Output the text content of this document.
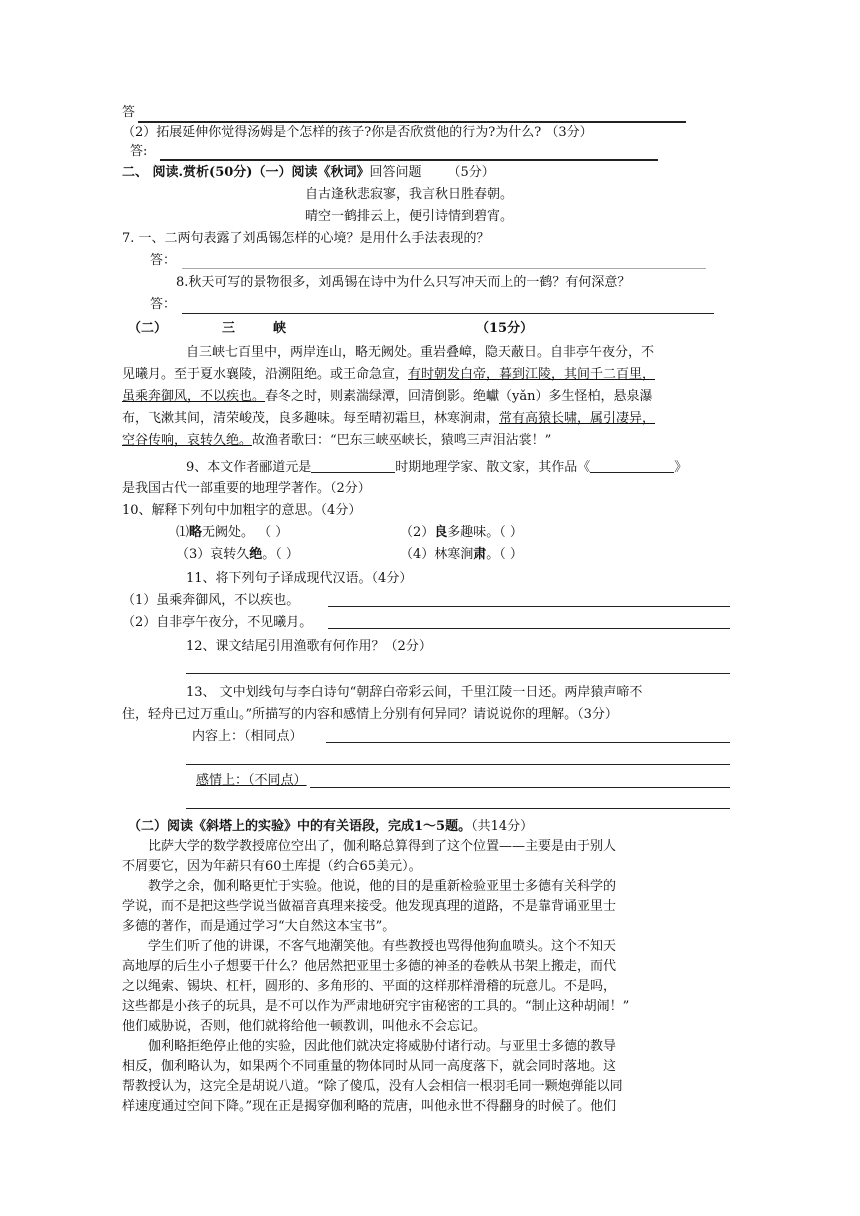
答
（2）拓展延伸你觉得汤姆是个怎样的孩子?你是否欣赏他的行为?为什么? （3分）
答:
二、 阅读.赏析(50分)（一）阅读《秋词》回答问题 （5分）
自古逢秋悲寂寥，我言秋日胜春朝。
晴空一鹤排云上，便引诗情到碧宵。
7. 一、二两句表露了刘禹锡怎样的心境？是用什么手法表现的？
答：
8.秋天可写的景物很多，刘禹锡在诗中为什么只写冲天而上的一鹤？有何深意？
答：
（二）	三	峡	（15分）
自三峡七百里中，两岸连山，略无阙处。重岩叠嶂，隐天蔽日。自非亭午夜分，不
见曦月。至于夏水襄陵，沿溯阻绝。或王命急宣，有时朝发白帝，暮到江陵，其间千二百里，
虽乘奔御风，不以疾也。春冬之时，则素湍绿潭，回清倒影。绝巘（yǎn）多生怪柏，悬泉瀑
布，飞漱其间，清荣峻茂，良多趣味。每至晴初霜旦，林寒涧肃，常有高猿长啸，属引凄异，
空谷传响，哀转久绝。故渔者歌曰：“巴东三峡巫峡长，猿鸣三声泪沾裳！”
9、本文作者郦道元是	时期地理学家、散文家，其作品《	》
是我国古代一部重要的地理学著作。（2分）
10、解释下列句中加粗字的意思。（4分）
⑴略无阙处。 （ ）	（2）良多趣味。（ ）
（3）哀转久绝。（ ）	（4）林寒涧肃。（ ）
11、将下列句子译成现代汉语。（4分）
（1）虽乘奔御风，不以疾也。
（2）自非亭午夜分，不见曦月。
12、课文结尾引用渔歌有何作用？（2分）
13、 文中划线句与李白诗句“朝辞白帝彩云间，千里江陵一日还。两岸猿声啼不
住，轻舟已过万重山。”所描写的内容和感情上分别有何异同？请说说你的理解。（3分）
内容上：（相同点）
感情上：（不同点）
（二）阅读《斜塔上的实验》中的有关语段，完成1～5题。（共14分）
比萨大学的数学教授席位空出了，伽利略总算得到了这个位置——主要是由于别人
不屑要它，因为年薪只有60土库提（约合65美元）。
教学之余，伽利略更忙于实验。他说，他的目的是重新检验亚里士多德有关科学的
学说，而不是把这些学说当做福音真理来接受。他发现真理的道路，不是靠背诵亚里士
多德的著作，而是通过学习“大自然这本宝书”。
学生们听了他的讲课，不客气地潮笑他。有些教授也骂得他狗血喷头。这个不知天
高地厚的后生小子想要干什么？他居然把亚里士多德的神圣的卷帙从书架上搬走，而代
之以绳索、锡块、杠杆，圆形的、多角形的、平面的这样那样滑稽的玩意儿。不是吗，
这些都是小孩子的玩具，是不可以作为严肃地研究宇宙秘密的工具的。“制止这种胡闹！”
他们威胁说，否则，他们就将给他一顿教训，叫他永不会忘记。
伽利略拒绝停止他的实验，因此他们就决定将威胁付诸行动。与亚里士多德的教导
相反，伽利略认为，如果两个不同重量的物体同时从同一高度落下，就会同时落地。这
帮教授认为，这完全是胡说八道。“除了傻瓜，没有人会相信一根羽毛同一颗炮弹能以同
样速度通过空间下降。”现在正是揭穿伽利略的荒唐，叫他永世不得翻身的时候了。他们
